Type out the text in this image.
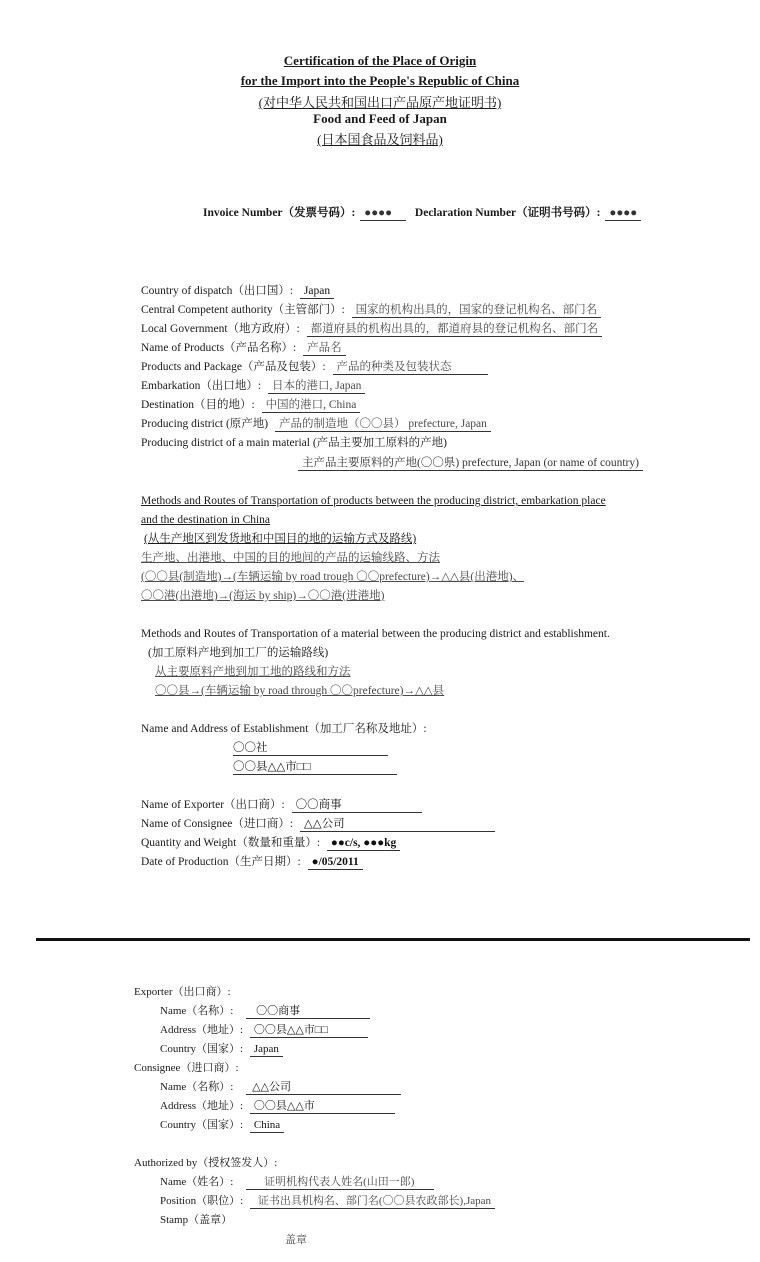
Certification of the Place of Origin
for the Import into the People's Republic of China
(对中华人民共和国出口产品原产地证明书)
Food and Feed of Japan
(日本国食品及饲料品)
Invoice Number（发票号码）: ●●●● Declaration Number（证明书号码）: ●●●●
Country of dispatch（出口国）: Japan
Central Competent authority（主管部门）: 国家的机构出具的，国家的登记机构名、部门名
Local Government（地方政府）: 都道府县的机构出具的，都道府县的登记机构名、部门名
Name of Products（产品名称）: 产品名
Products and Package（产品及包装）: 产品的种类及包装状态
Embarkation（出口地）: 日本的港口, Japan
Destination（目的地）: 中国的港口, China
Producing district (原产地) 产品的制造地（〇〇县） prefecture, Japan
Producing district of a main material (产品主要加工原料的产地)
主产品主要原料的产地(〇〇県) prefecture, Japan (or name of country)
Methods and Routes of Transportation of products between the producing district, embarkation place
and the destination in China
(从生产地区到发货地和中国目的地的运输方式及路线)
生产地、出港地、中国的目的地间的产品的运输线路、方法
(〇〇县(制造地)→(车辆运输 by road trough 〇〇prefecture)→△△县(出港地)、
〇〇港(出港地)→(海运 by ship)→〇〇港(进港地)
Methods and Routes of Transportation of a material between the producing district and establishment.
(加工原料产地到加工厂的运输路线)
从主要原料产地到加工地的路线和方法
〇〇县→(车辆运输 by road through 〇〇prefecture)→△△县
Name and Address of Establishment（加工厂名称及地址）:
〇〇社
〇〇县△△市□□
Name of Exporter（出口商）: 〇〇商事
Name of Consignee（进口商）: △△公司
Quantity and Weight（数量和重量）: ●●c/s, ●●●kg
Date of Production（生产日期）: ●/05/2011
Exporter（出口商）:
Name（名称）: 〇〇商事
Address（地址）: 〇〇县△△市□□
Country（国家）: Japan
Consignee（进口商）:
Name（名称）: △△公司
Address（地址）: 〇〇县△△市
Country（国家）: China
Authorized by（授权签发人）:
Name（姓名）:	证明机构代表人姓名(山田一郎)
Position（职位）: 证书出具机构名、部门名(〇〇县农政部长),Japan
Stamp（盖章）
盖章
